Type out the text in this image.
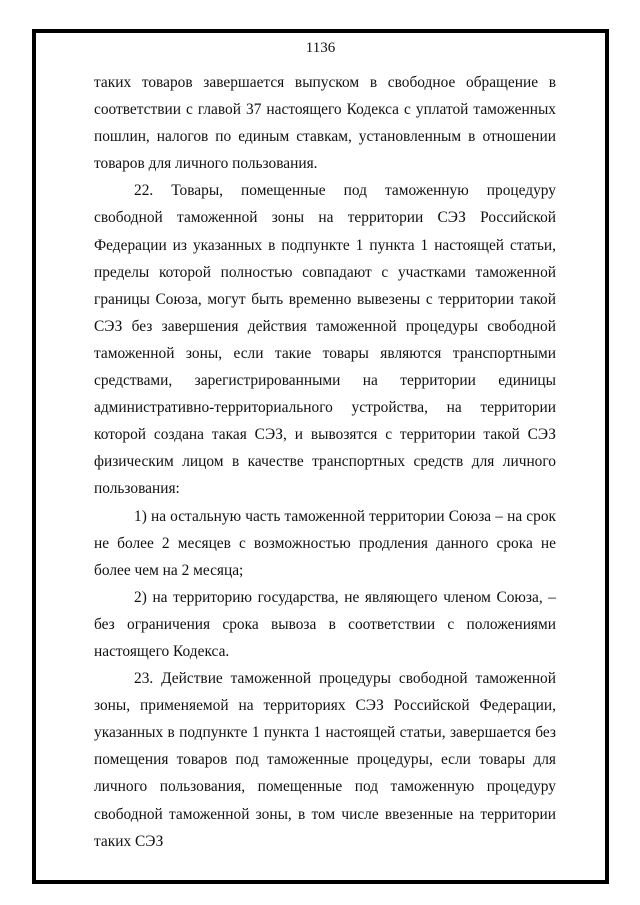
1136

таких товаров завершается выпуском в свободное обращение в соответствии с главой 37 настоящего Кодекса с уплатой таможенных пошлин, налогов по единым ставкам, установленным в отношении товаров для личного пользования.

22. Товары, помещенные под таможенную процедуру свободной таможенной зоны на территории СЭЗ Российской Федерации из указанных в подпункте 1 пункта 1 настоящей статьи, пределы которой полностью совпадают с участками таможенной границы Союза, могут быть временно вывезены с территории такой СЭЗ без завершения действия таможенной процедуры свободной таможенной зоны, если такие товары являются транспортными средствами, зарегистрированными на территории единицы административно-территориального устройства, на территории которой создана такая СЭЗ, и вывозятся с территории такой СЭЗ физическим лицом в качестве транспортных средств для личного пользования:

1) на остальную часть таможенной территории Союза – на срок не более 2 месяцев с возможностью продления данного срока не более чем на 2 месяца;

2) на территорию государства, не являющего членом Союза, – без ограничения срока вывоза в соответствии с положениями настоящего Кодекса.

23. Действие таможенной процедуры свободной таможенной зоны, применяемой на территориях СЭЗ Российской Федерации, указанных в подпункте 1 пункта 1 настоящей статьи, завершается без помещения товаров под таможенные процедуры, если товары для личного пользования, помещенные под таможенную процедуру свободной таможенной зоны, в том числе ввезенные на территории таких СЭЗ
